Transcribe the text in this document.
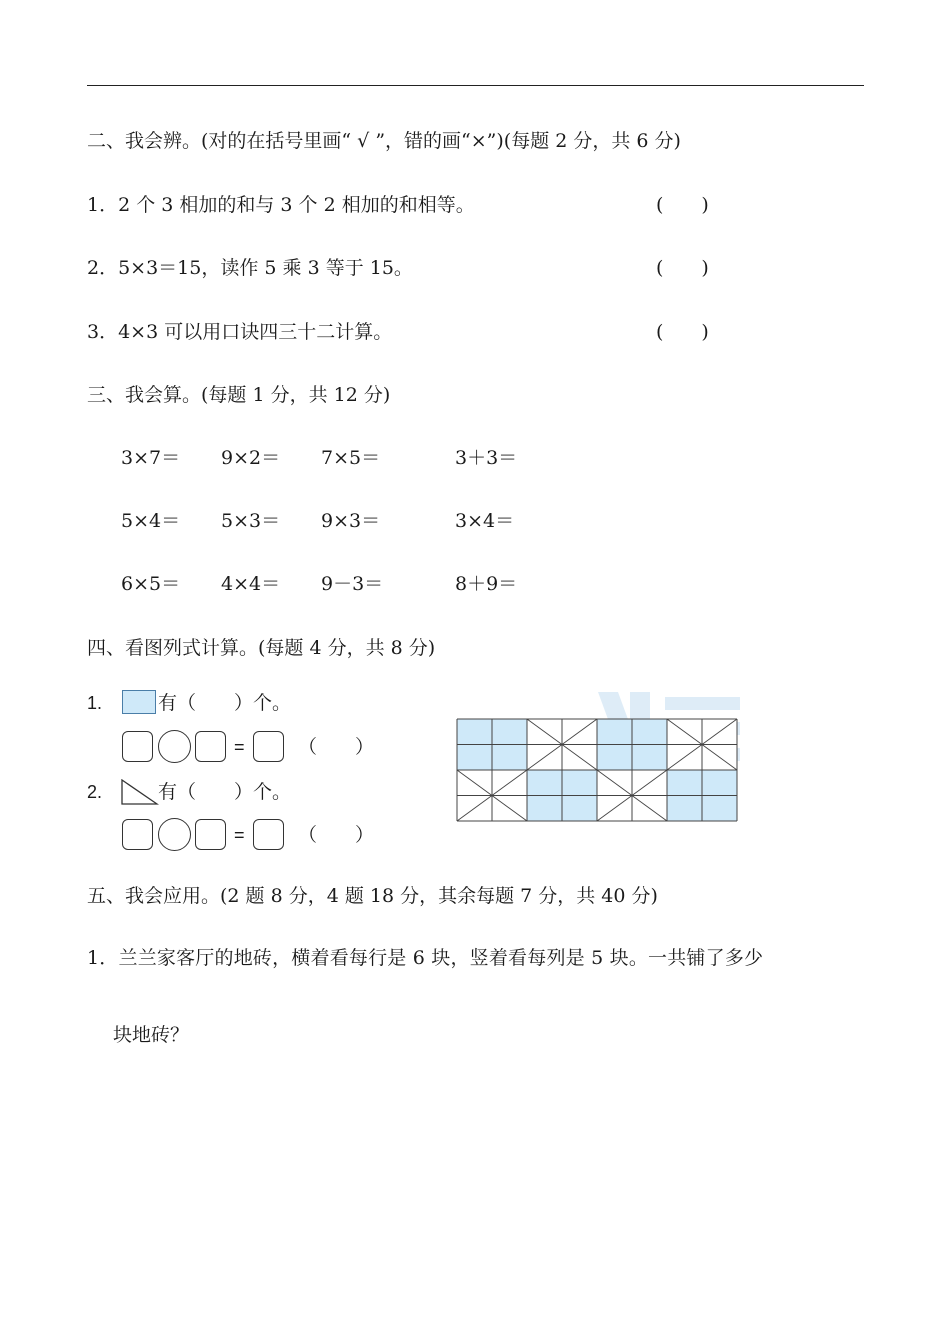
二、我会辨。(对的在括号里画“ √ ”，错的画“×”)(每题 2 分，共 6 分)
1．2 个 3 相加的和与 3 个 2 相加的和相等。	(　　)
2．5×3＝15，读作 5 乘 3 等于 15。	(　　)
3．4×3 可以用口诀四三十二计算。	(　　)
三、我会算。(每题 1 分，共 12 分)
3×7＝ 9×2＝ 7×5＝	3＋3＝
5×4＝ 5×3＝ 9×3＝	3×4＝
6×5＝ 4×4＝ 9－3＝	8＋9＝
四、看图列式计算。(每题 4 分，共 8 分)
1.	有（　　）个。
=	（　　）
2.	有（　　）个。
=	（　　）
五、我会应用。(2 题 8 分，4 题 18 分，其余每题 7 分，共 40 分)
1．兰兰家客厅的地砖，横着看每行是 6 块，竖着看每列是 5 块。一共铺了多少
块地砖？
